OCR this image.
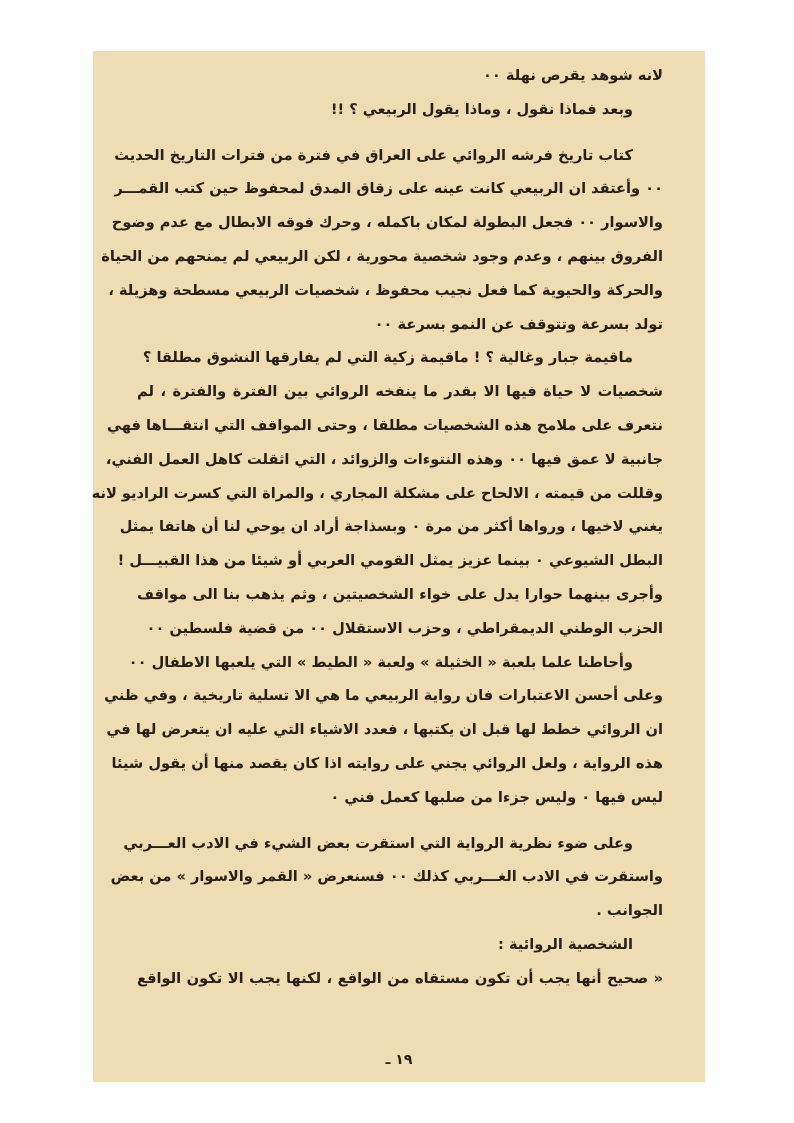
لانه شوهد يقرص نهلة ٠٠
وبعد فماذا نقول ، وماذا يقول الربيعي ؟ !!
كتاب تاريخ فرشه الروائي على العراق في فترة من فترات التاريخ الحديث
٠٠ وأعتقد ان الربيعي كانت عينه على زقاق المدق لمحفوظ حين كتب القمـــر
والاسوار ٠٠ فجعل البطولة لمكان باكمله ، وحرك فوقه الابطال مع عدم وضوح
الفروق بينهم ، وعدم وجود شخصية محورية ، لكن الربيعي لم يمنحهم من الحياة
والحركة والحيوية كما فعل نجيب محفوظ ، شخصيات الربيعي مسطحة وهزيلة ،
تولد بسرعة وتتوقف عن النمو بسرعة ٠٠
ماقيمة جبار وغالية ؟ ! ماقيمة زكية التي لم يفارقها النشوق مطلقا ؟
شخصيات لا حياة فيها الا بقدر ما ينفخه الروائي بين الفترة والفترة ، لم
نتعرف على ملامح هذه الشخصيات مطلقا ، وحتى المواقف التي انتقـــاها فهي
جانبية لا عمق فيها ٠٠ وهذه النتوءات والزوائد ، التي اثقلت كاهل العمل الفني،
وقللت من قيمته ، الالحاح على مشكلة المجاري ، والمراة التي كسرت الراديو لانه
يغني لاخيها ، ورواها أكثر من مرة ٠ وبسذاجة أراد ان يوحي لنا أن هاتفا يمثل
البطل الشيوعي ٠ بينما عزيز يمثل القومي العربي أو شيئا من هذا القبيـــل !
وأجرى بينهما حوارا يدل على خواء الشخصيتين ، وثم يذهب بنا الى مواقف
الحزب الوطني الديمقراطي ، وحزب الاستقلال ٠٠ من قضية فلسطين ٠٠
وأحاطنا علما بلعبة « الخثيلة » ولعبة « الطيط » التي يلعبها الاطفال ٠٠
وعلى أحسن الاعتبارات فان رواية الربيعي ما هي الا تسلية تاريخية ، وفي ظني
ان الروائي خطط لها قبل ان يكتبها ، فعدد الاشياء التي عليه ان يتعرض لها في
هذه الرواية ، ولعل الروائي يجني على روايته اذا كان يقصد منها أن يقول شيئا
ليس فيها ٠ وليس جزءا من صلبها كعمل فني ٠
وعلى ضوء نظرية الرواية التي استقرت بعض الشيء في الادب العـــربي
واستقرت في الادب الغـــربي كذلك ٠٠ فسنعرض « القمر والاسوار » من بعض
الجوانب .
الشخصية الروائية :
« صحيح أنها يجب أن تكون مستقاه من الواقع ، لكنها يجب الا تكون الواقع
١٩ ـ
